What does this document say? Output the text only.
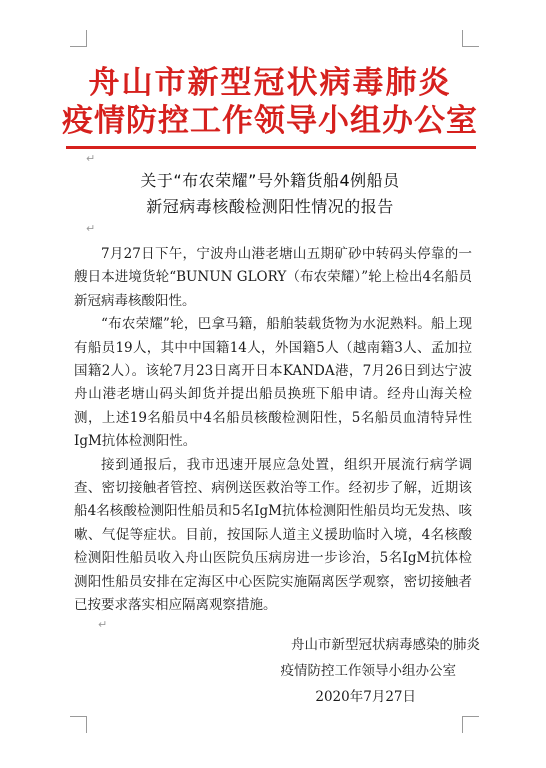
舟山市新型冠状病毒肺炎
疫情防控工作领导小组办公室
↵
关于“布农荣耀”号外籍货船4例船员
新冠病毒核酸检测阳性情况的报告
↵

7月27日下午，宁波舟山港老塘山五期矿砂中转码头停靠的一艘日本进境货轮“BUNUN GLORY（布农荣耀）”轮上检出4名船员新冠病毒核酸阳性。

“布农荣耀”轮，巴拿马籍，船舶装载货物为水泥熟料。船上现有船员19人，其中中国籍14人，外国籍5人（越南籍3人、孟加拉国籍2人）。该轮7月23日离开日本KANDA港，7月26日到达宁波舟山港老塘山码头卸货并提出船员换班下船申请。经舟山海关检测，上述19名船员中4名船员核酸检测阳性，5名船员血清特异性IgM抗体检测阳性。

接到通报后，我市迅速开展应急处置，组织开展流行病学调查、密切接触者管控、病例送医救治等工作。经初步了解，近期该船4名核酸检测阳性船员和5名IgM抗体检测阳性船员均无发热、咳嗽、气促等症状。目前，按国际人道主义援助临时入境，4名核酸检测阳性船员收入舟山医院负压病房进一步诊治，5名IgM抗体检测阳性船员安排在定海区中心医院实施隔离医学观察，密切接触者已按要求落实相应隔离观察措施。

↵
舟山市新型冠状病毒感染的肺炎
疫情防控工作领导小组办公室
2020年7月27日
